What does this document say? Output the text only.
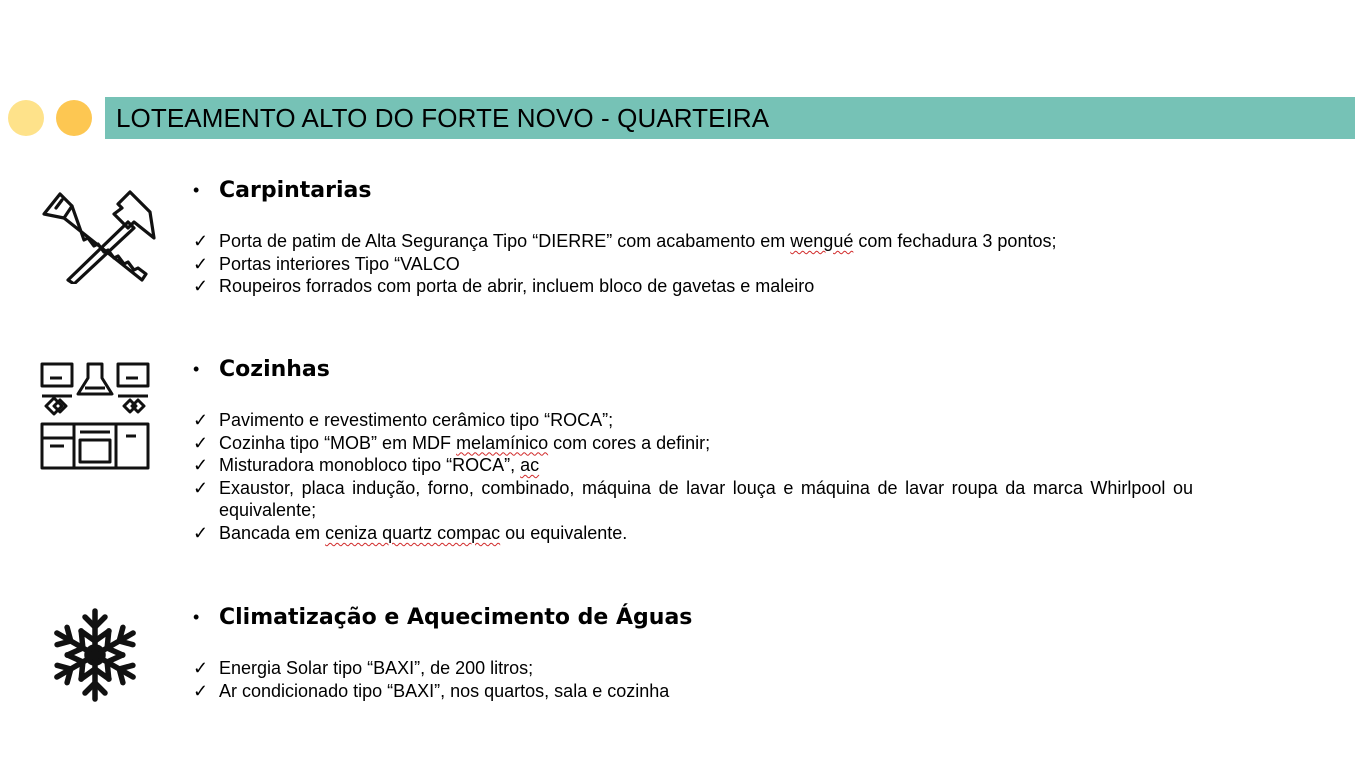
LOTEAMENTO ALTO DO FORTE NOVO - QUARTEIRA
• Carpintarias
✓ Porta de patim de Alta Segurança Tipo “DIERRE” com acabamento em wengué com fechadura 3 pontos;
✓ Portas interiores Tipo “VALCO
✓ Roupeiros forrados com porta de abrir, incluem bloco de gavetas e maleiro
• Cozinhas
✓ Pavimento e revestimento cerâmico tipo “ROCA”;
✓ Cozinha tipo “MOB” em MDF melamínico com cores a definir;
✓ Misturadora monobloco tipo “ROCA”, ac
✓ Exaustor, placa indução, forno, combinado, máquina de lavar louça e máquina de lavar roupa da marca Whirlpool ou equivalente;
✓ Bancada em ceniza quartz compac ou equivalente.
• Climatização e Aquecimento de Águas
✓ Energia Solar tipo “BAXI”, de 200 litros;
✓ Ar condicionado tipo “BAXI”, nos quartos, sala e cozinha
